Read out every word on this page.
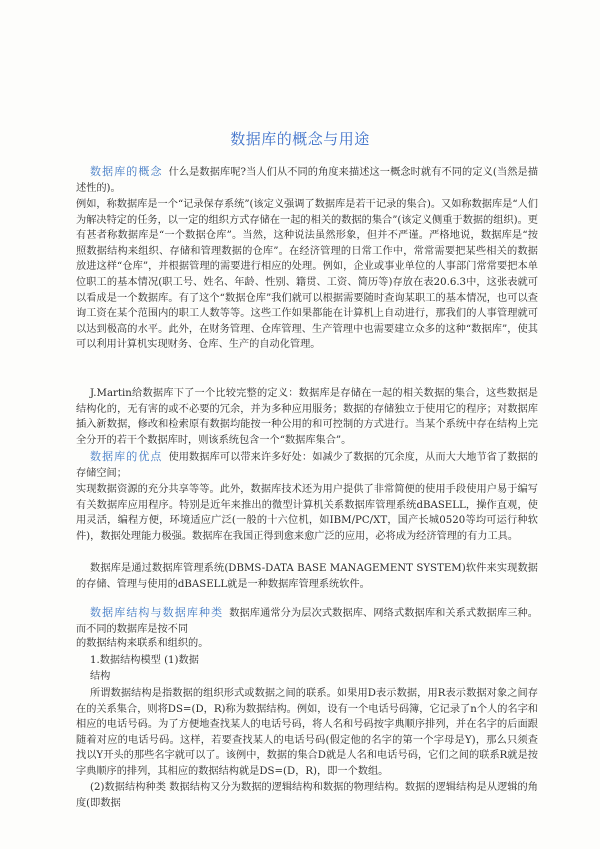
数据库的概念与用途
数据库的概念 什么是数据库呢?当人们从不同的角度来描述这一概念时就有不同的定义(当然是描述性的)。
例如，称数据库是一个“记录保存系统”(该定义强调了数据库是若干记录的集合)。又如称数据库是“人们为解决特定的任务，以一定的组织方式存储在一起的相关的数据的集合”(该定义侧重于数据的组织)。更有甚者称数据库是“一个数据仓库”。当然，这种说法虽然形象，但并不严谨。严格地说，数据库是“按照数据结构来组织、存储和管理数据的仓库”。在经济管理的日常工作中，常常需要把某些相关的数据放进这样“仓库”，并根据管理的需要进行相应的处理。例如，企业或事业单位的人事部门常常要把本单位职工的基本情况(职工号、姓名、年龄、性别、籍贯、工资、简历等)存放在表20.6.3中，这张表就可以看成是一个数据库。有了这个“数据仓库”我们就可以根据需要随时查询某职工的基本情况，也可以查询工资在某个范围内的职工人数等等。这些工作如果都能在计算机上自动进行，那我们的人事管理就可以达到极高的水平。此外，在财务管理、仓库管理、生产管理中也需要建立众多的这种“数据库”，使其可以利用计算机实现财务、仓库、生产的自动化管理。
J.Martin给数据库下了一个比较完整的定义：数据库是存储在一起的相关数据的集合，这些数据是结构化的，无有害的或不必要的冗余，并为多种应用服务；数据的存储独立于使用它的程序；对数据库插入新数据，修改和检索原有数据均能按一种公用的和可控制的方式进行。当某个系统中存在结构上完全分开的若干个数据库时，则该系统包含一个“数据库集合”。
数据库的优点 使用数据库可以带来许多好处：如减少了数据的冗余度，从而大大地节省了数据的存储空间；
实现数据资源的充分共享等等。此外，数据库技术还为用户提供了非常简便的使用手段使用户易于编写有关数据库应用程序。特别是近年来推出的微型计算机关系数据库管理系统dBASELL，操作直观，使用灵活，编程方便，环境适应广泛(一般的十六位机，如IBM/PC/XT，国产长城0520等均可运行种软件)，数据处理能力极强。数据库在我国正得到愈来愈广泛的应用，必将成为经济管理的有力工具。
数据库是通过数据库管理系统(DBMS-DATA BASE MANAGEMENT SYSTEM)软件来实现数据的存储、管理与使用的dBASELL就是一种数据库管理系统软件。
数据库结构与数据库种类 数据库通常分为层次式数据库、网络式数据库和关系式数据库三种。而不同的数据库是按不同
的数据结构来联系和组织的。
1.数据结构模型 (1)数据
结构
所谓数据结构是指数据的组织形式或数据之间的联系。如果用D表示数据，用R表示数据对象之间存在的关系集合，则将DS=(D，R)称为数据结构。例如，设有一个电话号码簿，它记录了n个人的名字和相应的电话号码。为了方便地查找某人的电话号码，将人名和号码按字典顺序排列，并在名字的后面跟随着对应的电话号码。这样，若要查找某人的电话号码(假定他的名字的第一个字母是Y)，那么只须查找以Y开头的那些名字就可以了。该例中，数据的集合D就是人名和电话号码，它们之间的联系R就是按字典顺序的排列，其相应的数据结构就是DS=(D，R)，即一个数组。
(2)数据结构种类 数据结构又分为数据的逻辑结构和数据的物理结构。数据的逻辑结构是从逻辑的角度(即数据
